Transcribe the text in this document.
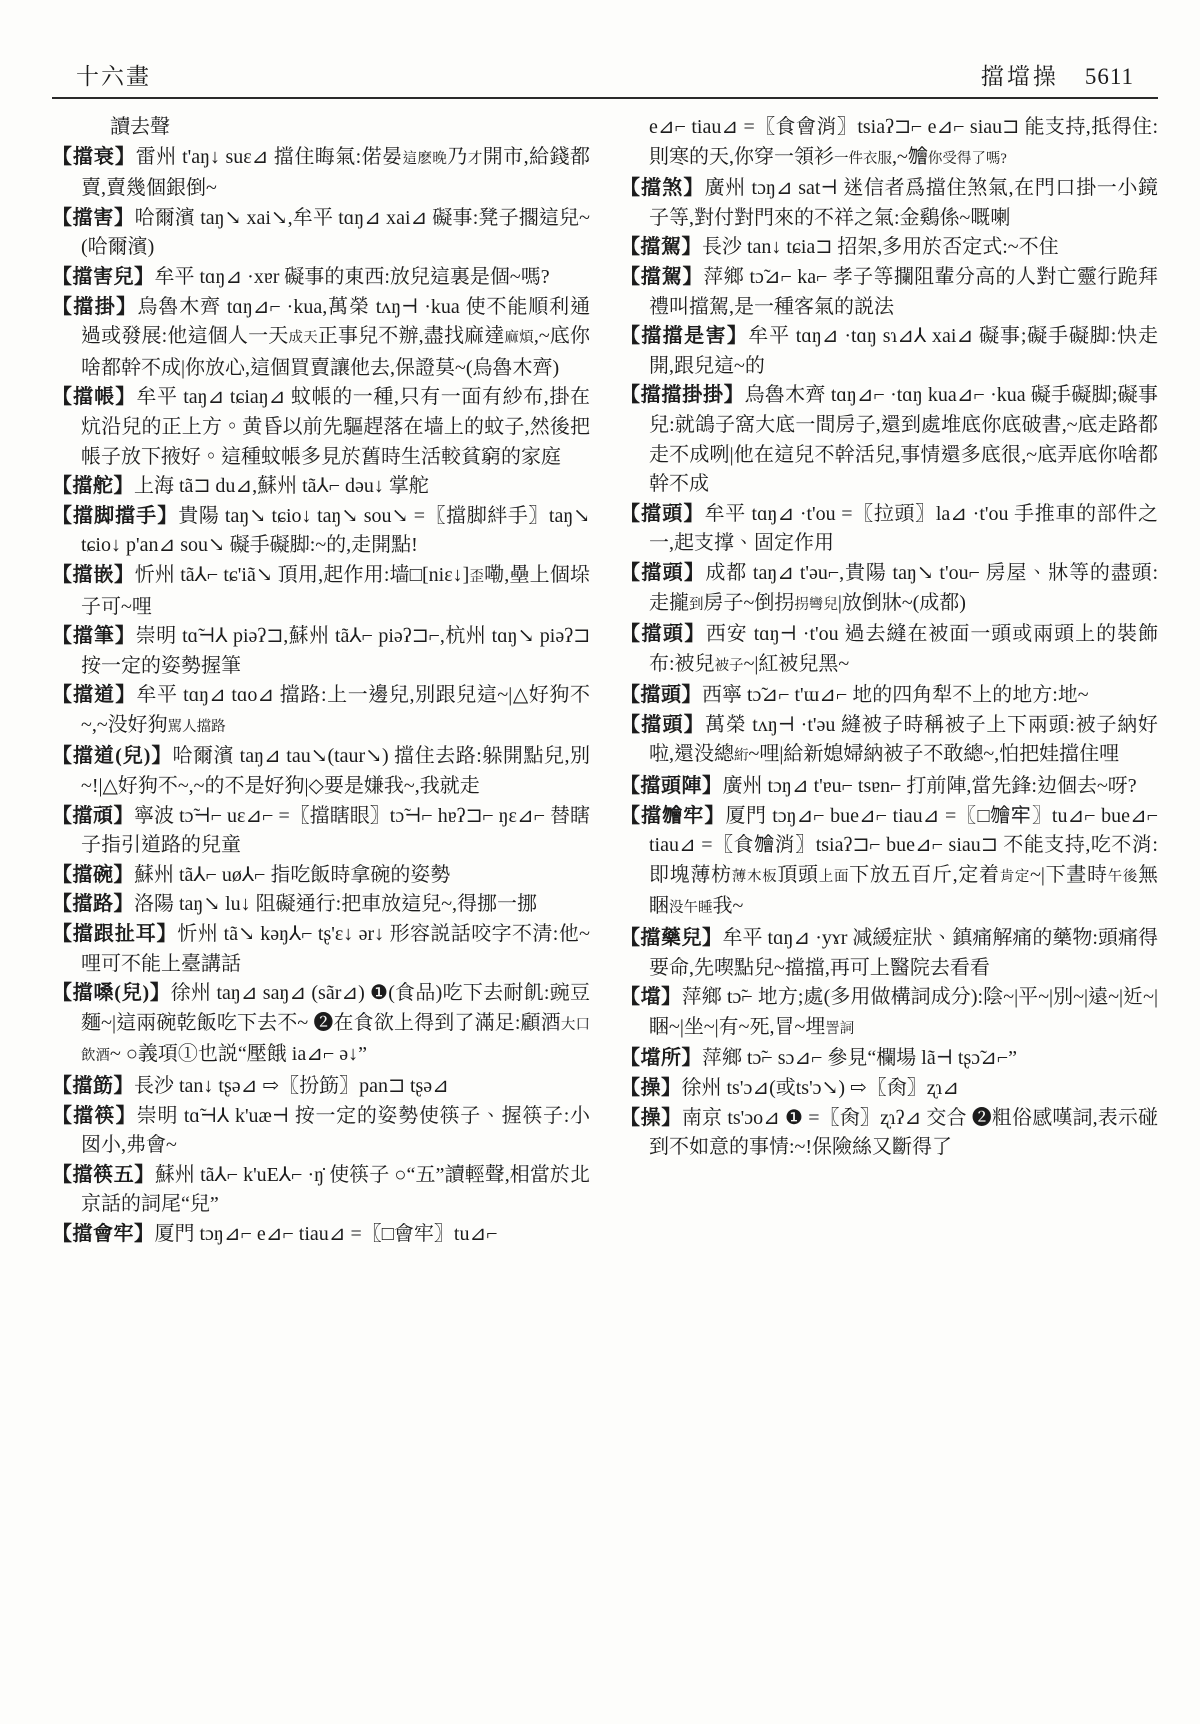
十六畫	擋壋操 5611
讀去聲
【擋衰】雷州 t'aŋ↓ suɛ⊿ 擋住晦氣:偌晏這麽晚乃才開市,給錢都賣,賣幾個銀倒~
【擋害】哈爾濱 taŋ↘ xai↘,牟平 tɑŋ⊿ xai⊿ 礙事:凳子擱這兒~(哈爾濱)
【擋害兒】牟平 tɑŋ⊿ ·xɐr 礙事的東西:放兒這裏是個~嗎?
【擋掛】烏魯木齊 tɑŋ⊿⌐ ·kua,萬榮 tʌŋ⊣ ·kua 使不能順利通過或發展:他這個人一天成天正事兒不辦,盡找麻達麻煩,~底你啥都幹不成|你放心,這個買賣讓他去,保證莫~(烏魯木齊)
【擋帳】牟平 taŋ⊿ tɕiaŋ⊿ 蚊帳的一種,只有一面有紗布,掛在炕沿兒的正上方。黄昏以前先驅趕落在墙上的蚊子,然後把帳子放下掖好。這種蚊帳多見於舊時生活較貧窮的家庭
【擋舵】上海 tã⊐ du⊿,蘇州 tã⅄⌐ dəu↓ 掌舵
【擋脚擋手】貴陽 taŋ↘ tɕio↓ taŋ↘ sou↘ =〖擋脚絆手〗taŋ↘ tɕio↓ p'an⊿ sou↘ 礙手礙脚:~的,走開點!
【擋嵌】忻州 tã⅄⌐ tɕ'iã↘ 頂用,起作用:墙□[niɛ↓]歪嘞,壘上個垛子可~哩
【擋筆】崇明 tɑ̃⊣⅄ piəʔ⊐,蘇州 tã⅄⌐ piəʔ⊐⌐,杭州 tɑŋ↘ piəʔ⊐ 按一定的姿勢握筆
【擋道】牟平 tɑŋ⊿ tɑo⊿ 擋路:上一邊兒,別跟兒這~|△好狗不~,~没好狗駡人擋路
【擋道(兒)】哈爾濱 taŋ⊿ tau↘(taur↘) 擋住去路:躲開點兒,別~!|△好狗不~,~的不是好狗|◇要是嫌我~,我就走
【擋頑】寧波 tɔ̃⊣⌐ uɛ⊿⌐ =〖擋瞎眼〗tɔ̃⊣⌐ hɐʔ⊐⌐ ŋɛ⊿⌐ 替瞎子指引道路的兒童
【擋碗】蘇州 tã⅄⌐ uø⅄⌐ 指吃飯時拿碗的姿勢
【擋路】洛陽 taŋ↘ lu↓ 阻礙通行:把車放這兒~,得挪一挪
【擋跟扯耳】忻州 tã↘ kəŋ⅄⌐ tʂ'ɛ↓ ər↓ 形容説話咬字不清:他~哩可不能上臺講話
【擋嗓(兒)】徐州 taŋ⊿ saŋ⊿ (sãr⊿) ❶(食品)吃下去耐飢:豌豆麵~|這兩碗乾飯吃下去不~ ❷在食欲上得到了滿足:顧酒大口飲酒~ ○義項①也説“壓餓 ia⊿⌐ ə↓”
【擋筯】長沙 tan↓ tʂə⊿ ⇨〖扮筯〗pan⊐ tʂə⊿
【擋筷】崇明 tɑ̃⊣⅄ k'uæ⊣ 按一定的姿勢使筷子、握筷子:小囡小,弗會~
【擋筷五】蘇州 tã⅄⌐ k'uE⅄⌐ ·ŋ̇ 使筷子 ○“五”讀輕聲,相當於北京話的詞尾“兒”
【擋會牢】厦門 tɔŋ⊿⌐ e⊿⌐ tiau⊿ =〖□會牢〗tu⊿⌐
e⊿⌐ tiau⊿ =〖食會消〗tsiaʔ⊐⌐ e⊿⌐ siau⊐ 能支持,抵得住:則寒的天,你穿一領衫一件衣服,~𣍐你受得了嗎?
【擋煞】廣州 tɔŋ⊿ sat⊣ 迷信者爲擋住煞氣,在門口掛一小鏡子等,對付對門來的不祥之氣:金鷄係~嘅喇
【擋駕】長沙 tan↓ tɕia⊐ 招架,多用於否定式:~不住
【擋駕】萍鄉 tɔ̃⊿⌐ ka⌐ 孝子等攔阻輩分高的人對亡靈行跪拜禮叫擋駕,是一種客氣的説法
【擋擋是害】牟平 tɑŋ⊿ ·tɑŋ sɿ⊿⅄ xai⊿ 礙事;礙手礙脚:快走開,跟兒這~的
【擋擋掛掛】烏魯木齊 tɑŋ⊿⌐ ·tɑŋ kua⊿⌐ ·kua 礙手礙脚;礙事兒:就鴿子窩大底一間房子,還到處堆底你底破書,~底走路都走不成咧|他在這兒不幹活兒,事情還多底很,~底弄底你啥都幹不成
【擋頭】牟平 tɑŋ⊿ ·t'ou =〖拉頭〗la⊿ ·t'ou 手推車的部件之一,起支撑、固定作用
【擋頭】成都 taŋ⊿ t'əu⌐,貴陽 taŋ↘ t'ou⌐ 房屋、牀等的盡頭:走攏到房子~倒拐拐彎兒|放倒牀~(成都)
【擋頭】西安 tɑŋ⊣ ·t'ou 過去縫在被面一頭或兩頭上的裝飾布:被兒被子~|紅被兒黑~
【擋頭】西寧 tɔ̃⊿⌐ t'ɯ⊿⌐ 地的四角犁不上的地方:地~
【擋頭】萬榮 tʌŋ⊣ ·t'əu 縫被子時稱被子上下兩頭:被子納好啦,還没總絎~哩|給新媳婦納被子不敢總~,怕把娃擋住哩
【擋頭陣】廣州 tɔŋ⊿ t'ɐu⌐ tsɐn⌐ 打前陣,當先鋒:边個去~呀?
【擋𣍐牢】厦門 tɔŋ⊿⌐ bue⊿⌐ tiau⊿ =〖□𣍐牢〗tu⊿⌐ bue⊿⌐ tiau⊿ =〖食𣍐消〗tsiaʔ⊐⌐ bue⊿⌐ siau⊐ 不能支持,吃不消:即塊薄枋薄木板頂頭上面下放五百斤,定着肯定~|下晝時午後無睏没午睡我~
【擋藥兒】牟平 tɑŋ⊿ ·yɤr 减緩症狀、鎮痛解痛的藥物:頭痛得要命,先喫點兒~擋擋,再可上醫院去看看
【壋】萍鄉 tɔ̃⌐ 地方;處(多用做構詞成分):陰~|平~|別~|遠~|近~|睏~|坐~|有~死,冒~埋詈詞
【壋所】萍鄉 tɔ̃⌐ sɔ⊿⌐ 參見“欄場 lã⊣ tʂɔ̃⊿⌐”
【操】徐州 ts'ɔ⊿(或ts'ɔ↘) ⇨〖肏〗ʐɿ⊿
【操】南京 ts'ɔo⊿ ❶ =〖肏〗ʐɿʔ⊿ 交合 ❷粗俗感嘆詞,表示碰到不如意的事情:~!保險絲又斷得了
